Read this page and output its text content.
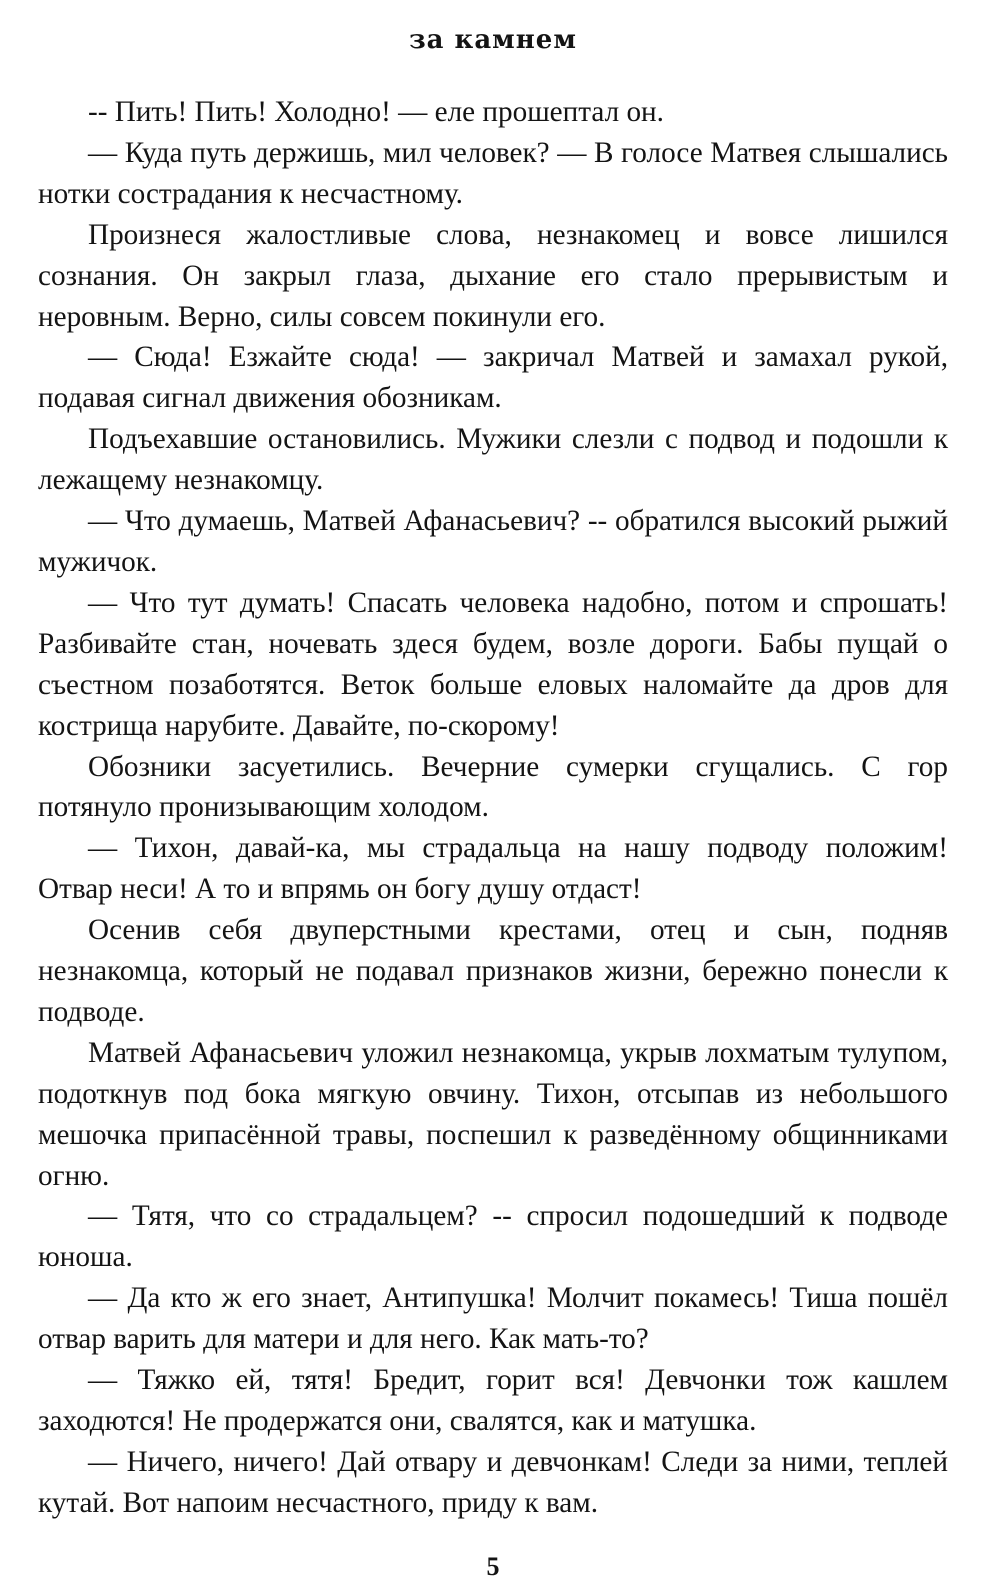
за камнем

-- Пить! Пить! Холодно! — еле прошептал он.

— Куда путь держишь, мил человек? — В голосе Матвея слышались нотки сострадания к несчастному.

Произнеся жалостливые слова, незнакомец и вовсе лишился сознания. Он закрыл глаза, дыхание его стало прерывистым и неровным. Верно, силы совсем покинули его.

— Сюда! Езжайте сюда! — закричал Матвей и замахал рукой, подавая сигнал движения обозникам.

Подъехавшие остановились. Мужики слезли с подвод и подошли к лежащему незнакомцу.

— Что думаешь, Матвей Афанасьевич? -- обратился высокий рыжий мужичок.

— Что тут думать! Спасать человека надобно, потом и спрошать! Разбивайте стан, ночевать здеся будем, возле дороги. Бабы пущай о съестном позаботятся. Веток больше еловых наломайте да дров для кострища нарубите. Давайте, по-скорому!

Обозники засуетились. Вечерние сумерки сгущались. С гор потянуло пронизывающим холодом.

— Тихон, давай-ка, мы страдальца на нашу подводу положим! Отвар неси! А то и впрямь он богу душу отдаст!

Осенив себя двуперстными крестами, отец и сын, подняв незнакомца, который не подавал признаков жизни, бережно понесли к подводе.

Матвей Афанасьевич уложил незнакомца, укрыв лохматым тулупом, подоткнув под бока мягкую овчину. Тихон, отсыпав из небольшого мешочка припасённой травы, поспешил к разведённому общинниками огню.

— Тятя, что со страдальцем? -- спросил подошедший к подводе юноша.

— Да кто ж его знает, Антипушка! Молчит покамесь! Тиша пошёл отвар варить для матери и для него. Как мать-то?

— Тяжко ей, тятя! Бредит, горит вся! Девчонки тож кашлем заходются! Не продержатся они, свалятся, как и матушка.

— Ничего, ничего! Дай отвару и девчонкам! Следи за ними, теплей кутай. Вот напоим несчастного, приду к вам.

5
